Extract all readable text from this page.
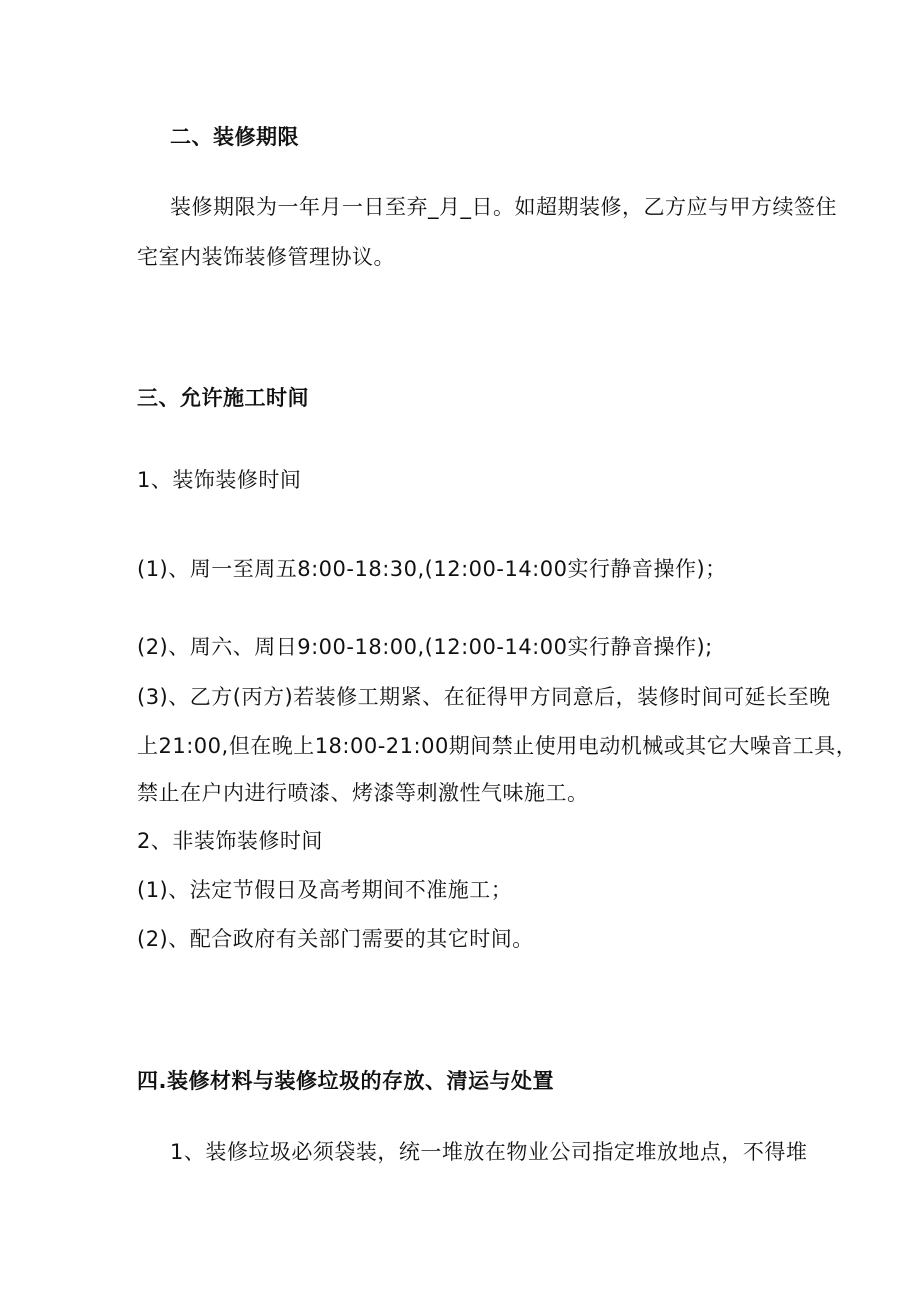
二、装修期限
装修期限为一年月一日至弃_月_日。如超期装修，乙方应与甲方续签住
宅室内装饰装修管理协议。
三、允许施工时间
1、装饰装修时间
(1)、周一至周五8:00-18:30,(12:00-14:00实行静音操作)；
(2)、周六、周日9:00-18:00,(12:00-14:00实行静音操作);
(3)、乙方(丙方)若装修工期紧、在征得甲方同意后，装修时间可延长至晚
上21:00,但在晚上18:00-21:00期间禁止使用电动机械或其它大噪音工具，
禁止在户内进行喷漆、烤漆等刺激性气味施工。
2、非装饰装修时间
(1)、法定节假日及高考期间不准施工；
(2)、配合政府有关部门需要的其它时间。
四.装修材料与装修垃圾的存放、清运与处置
1、装修垃圾必须袋装，统一堆放在物业公司指定堆放地点，不得堆
